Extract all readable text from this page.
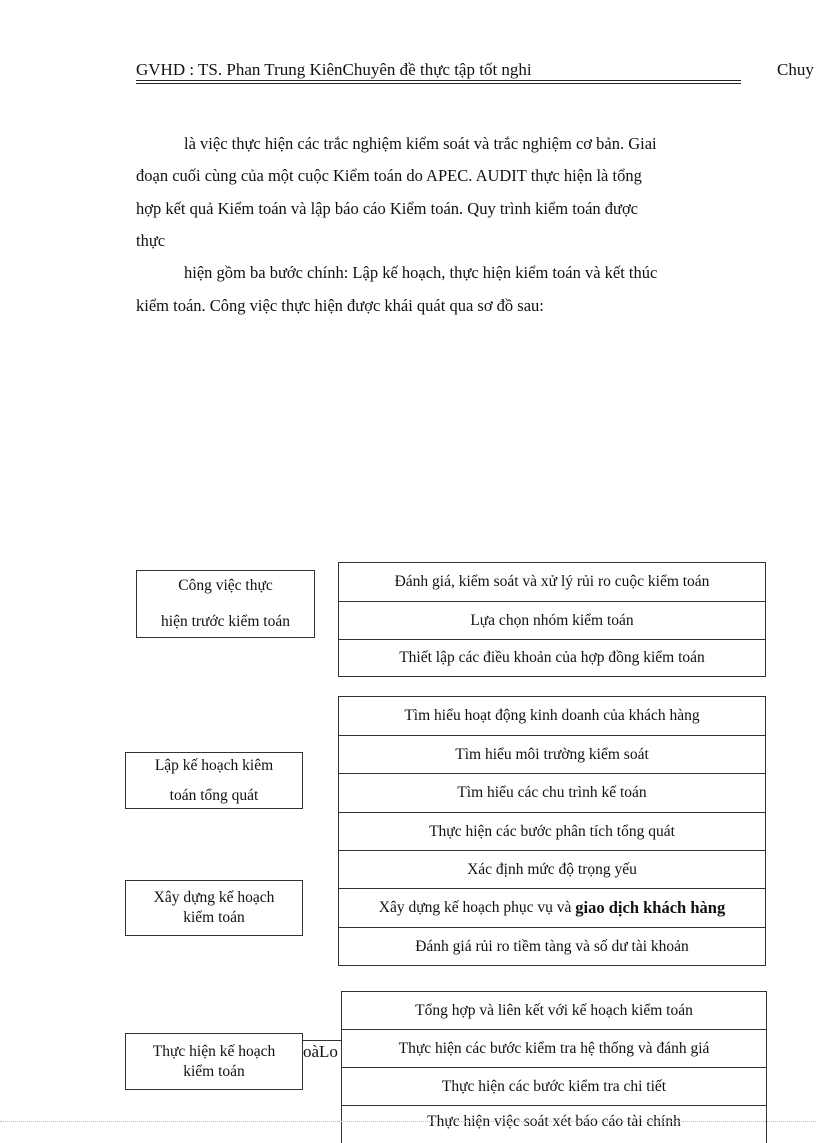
GVHD : TS. Phan Trung KiênChuyên đề thực tập tốt nghi	Chuy
là việc thực hiện các trắc nghiệm kiểm soát và trắc nghiệm cơ bản. Giai
đoạn cuối cùng của một cuộc Kiểm toán do APEC. AUDIT thực hiện là tổng
hợp kết quả Kiểm toán và lập báo cáo Kiểm toán. Quy trình kiểm toán được
thực
hiện gồm ba bước chính: Lập kế hoạch, thực hiện kiểm toán và kết thúc
kiểm toán. Công việc thực hiện được khái quát qua sơ đồ sau:
Công việc thực
hiện trước kiểm toán
Lập kế hoạch kiêm
toán tổng quát
Xây dựng kế hoạch
kiểm toán
oàLo
Thực hiện kế hoạch
kiểm toán
Đánh giá, kiểm soát và xử lý rủi ro cuộc kiểm toán
Lựa chọn nhóm kiểm toán
Thiết lập các điều khoản của hợp đồng kiểm toán
Tìm hiểu hoạt động kinh doanh của khách hàng
Tìm hiểu môi trường kiểm soát
Tìm hiểu các chu trình kế toán
Thực hiện các bước phân tích tổng quát
Xác định mức độ trọng yếu
Xây dựng kế hoạch phục vụ và giao dịch khách hàng
Đánh giá rủi ro tiềm tàng và số dư tài khoản
Tổng hợp và liên kết với kế hoạch kiểm toán
Thực hiện các bước kiểm tra hệ thống và đánh giá
Thực hiện các bước kiểm tra chi tiết
Thực hiện việc soát xét báo cáo tài chính
